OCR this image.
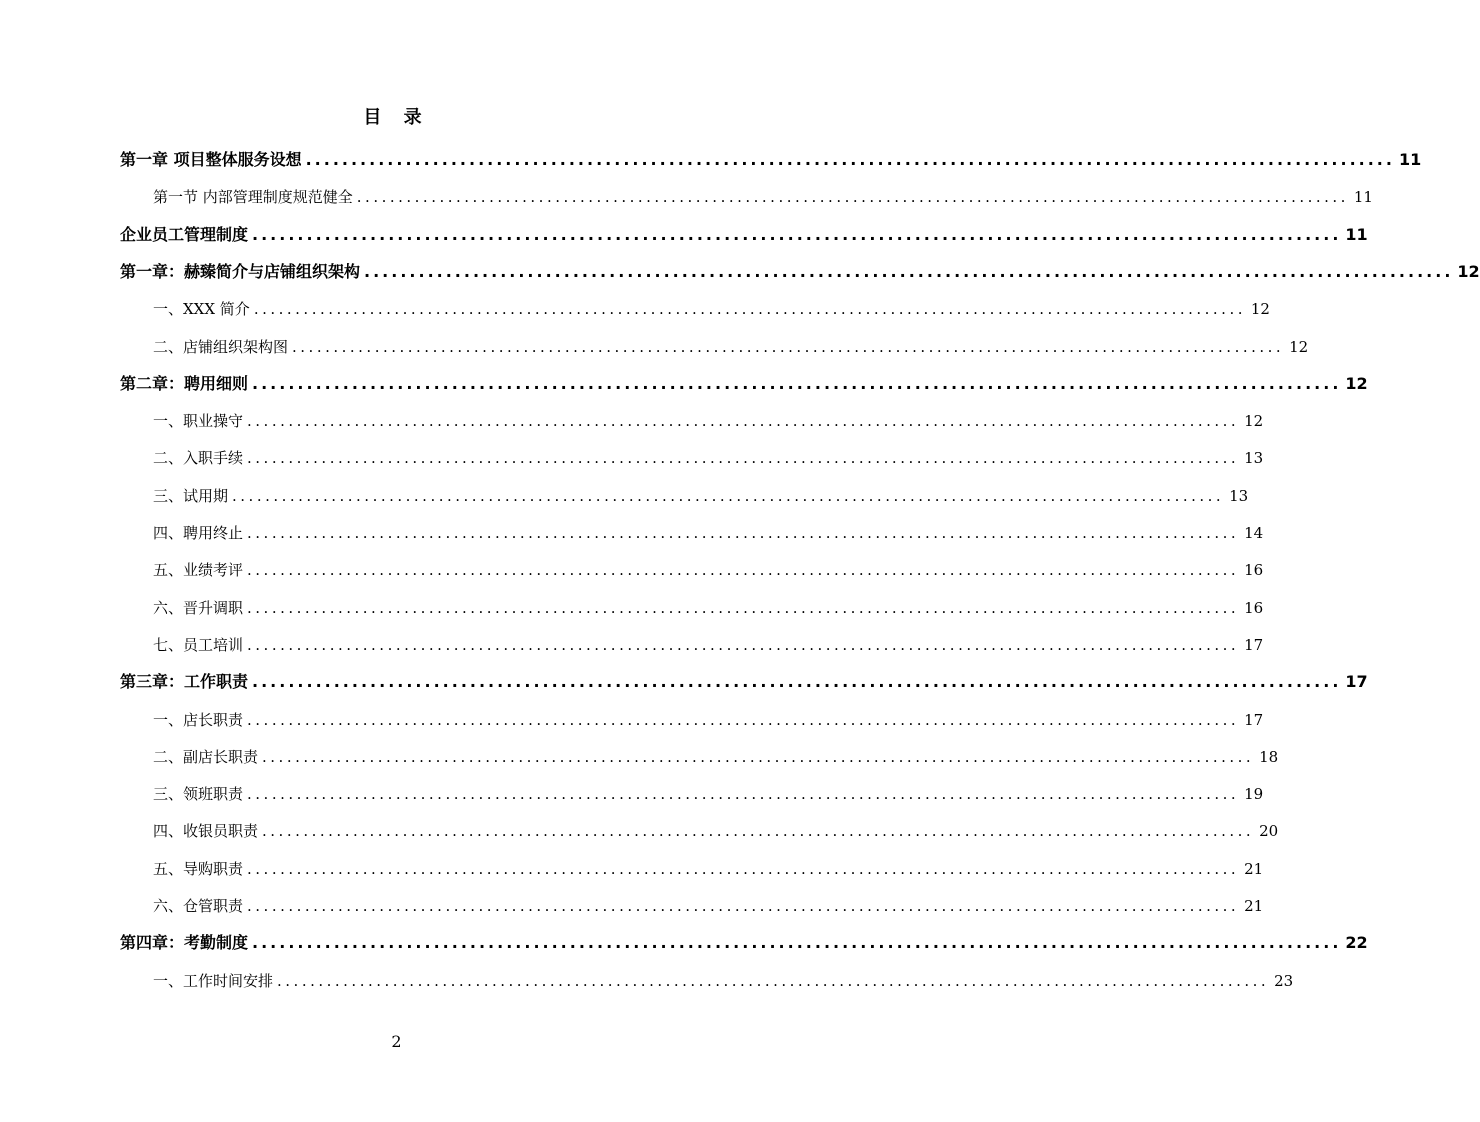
目 录
第一章 项目整体服务设想 ........................................................................................................................ 11
第一节 内部管理制度规范健全 ........................................................................................................................ 11
企业员工管理制度 ........................................................................................................................ 11
第一章：赫臻简介与店铺组织架构 ........................................................................................................................ 12
一、XXX 简介 ........................................................................................................................ 12
二、店铺组织架构图 ........................................................................................................................ 12
第二章：聘用细则 ........................................................................................................................ 12
一、职业操守 ........................................................................................................................ 12
二、入职手续 ........................................................................................................................ 13
三、试用期 ........................................................................................................................ 13
四、聘用终止 ........................................................................................................................ 14
五、业绩考评 ........................................................................................................................ 16
六、晋升调职 ........................................................................................................................ 16
七、员工培训 ........................................................................................................................ 17
第三章：工作职责 ........................................................................................................................ 17
一、店长职责 ........................................................................................................................ 17
二、副店长职责 ........................................................................................................................ 18
三、领班职责 ........................................................................................................................ 19
四、收银员职责 ........................................................................................................................ 20
五、导购职责 ........................................................................................................................ 21
六、仓管职责 ........................................................................................................................ 21
第四章：考勤制度 ........................................................................................................................ 22
一、工作时间安排 ........................................................................................................................ 23
2
